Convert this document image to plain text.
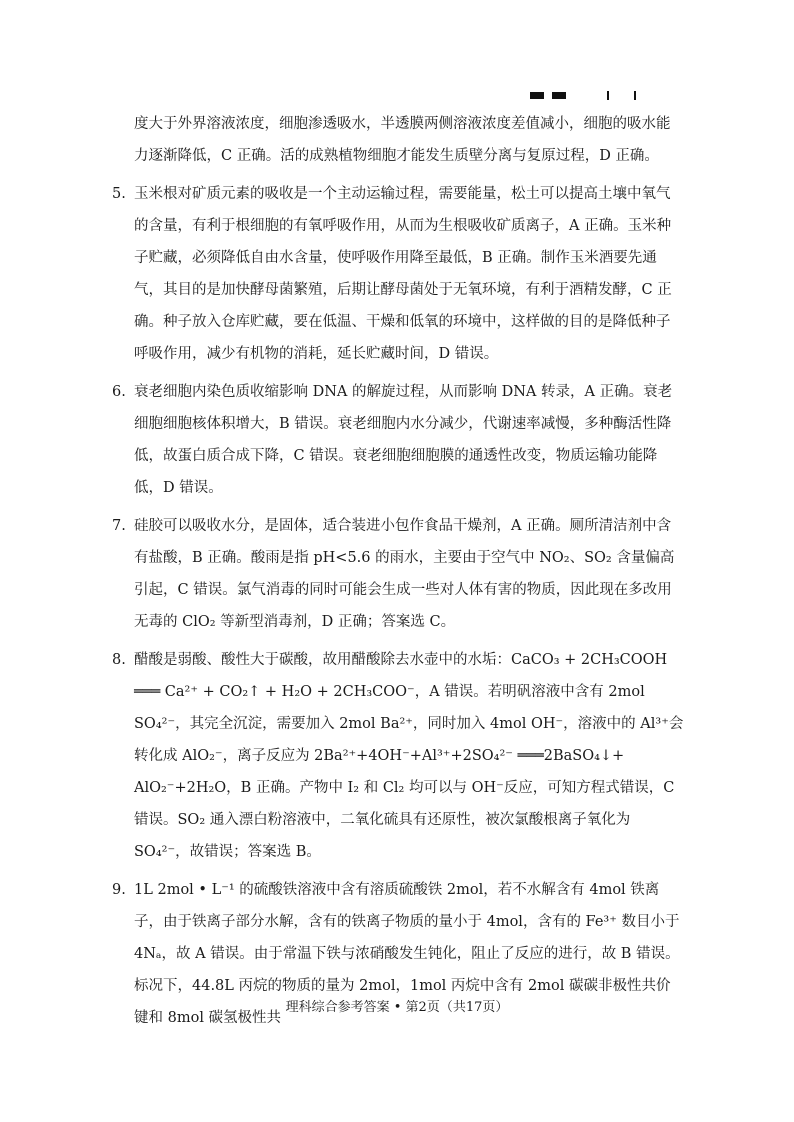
度大于外界溶液浓度，细胞渗透吸水，半透膜两侧溶液浓度差值减小，细胞的吸水能力逐渐降低，C 正确。活的成熟植物细胞才能发生质壁分离与复原过程，D 正确。

5. 玉米根对矿质元素的吸收是一个主动运输过程，需要能量，松土可以提高土壤中氧气的含量，有利于根细胞的有氧呼吸作用，从而为生根吸收矿质离子，A 正确。玉米种子贮藏，必须降低自由水含量，使呼吸作用降至最低，B 正确。制作玉米酒要先通气，其目的是加快酵母菌繁殖，后期让酵母菌处于无氧环境，有利于酒精发酵，C 正确。种子放入仓库贮藏，要在低温、干燥和低氧的环境中，这样做的目的是降低种子呼吸作用，减少有机物的消耗，延长贮藏时间，D 错误。

6. 衰老细胞内染色质收缩影响 DNA 的解旋过程，从而影响 DNA 转录，A 正确。衰老细胞细胞核体积增大，B 错误。衰老细胞内水分减少，代谢速率减慢，多种酶活性降低，故蛋白质合成下降，C 错误。衰老细胞细胞膜的通透性改变，物质运输功能降低，D 错误。

7. 硅胶可以吸收水分，是固体，适合装进小包作食品干燥剂，A 正确。厕所清洁剂中含有盐酸，B 正确。酸雨是指 pH<5.6 的雨水，主要由于空气中 NO₂、SO₂ 含量偏高引起，C 错误。氯气消毒的同时可能会生成一些对人体有害的物质，因此现在多改用无毒的 ClO₂ 等新型消毒剂，D 正确；答案选 C。

8. 醋酸是弱酸、酸性大于碳酸，故用醋酸除去水壶中的水垢：CaCO₃ + 2CH₃COOH ═══ Ca²⁺ + CO₂↑ + H₂O + 2CH₃COO⁻，A 错误。若明矾溶液中含有 2mol SO₄²⁻，其完全沉淀，需要加入 2mol Ba²⁺，同时加入 4mol OH⁻，溶液中的 Al³⁺会转化成 AlO₂⁻，离子反应为 2Ba²⁺+4OH⁻+Al³⁺+2SO₄²⁻ ═══2BaSO₄↓+ AlO₂⁻+2H₂O，B 正确。产物中 I₂ 和 Cl₂ 均可以与 OH⁻反应，可知方程式错误，C 错误。SO₂ 通入漂白粉溶液中，二氧化硫具有还原性，被次氯酸根离子氧化为 SO₄²⁻，故错误；答案选 B。

9. 1L 2mol • L⁻¹ 的硫酸铁溶液中含有溶质硫酸铁 2mol，若不水解含有 4mol 铁离子，由于铁离子部分水解，含有的铁离子物质的量小于 4mol，含有的 Fe³⁺ 数目小于 4Nₐ，故 A 错误。由于常温下铁与浓硝酸发生钝化，阻止了反应的进行，故 B 错误。标况下，44.8L 丙烷的物质的量为 2mol，1mol 丙烷中含有 2mol 碳碳非极性共价键和 8mol 碳氢极性共

理科综合参考答案 • 第2页（共17页）
